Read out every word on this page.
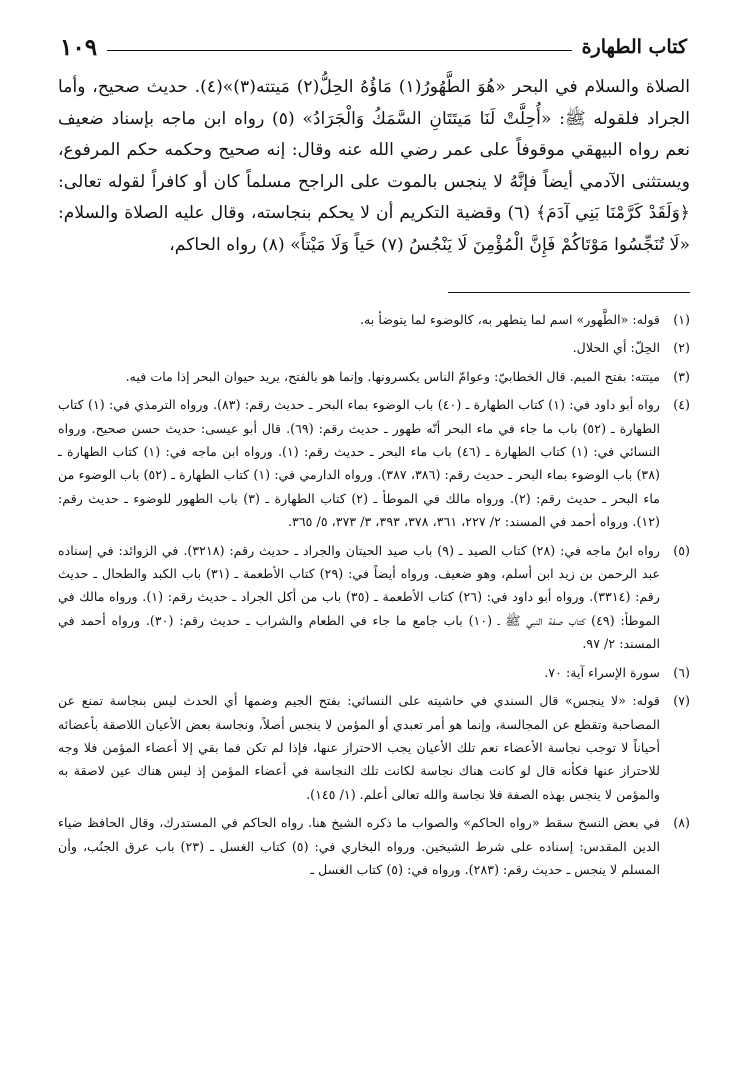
١٠٩	كتاب الطهارة

الصلاة والسلام في البحر «هُوَ الطَّهُورُ(١) مَاؤُهُ الحِلُّ(٢) مَيتته(٣)»(٤). حديث صحيح، وأما الجراد فلقوله ﷺ: «أُحِلَّتْ لَنَا مَيتَتَانِ السَّمَكُ وَالْجَرَادُ» (٥) رواه ابن ماجه بإسناد ضعيف نعم رواه البيهقي موقوفاً على عمر رضي الله عنه وقال: إنه صحيح وحكمه حكم المرفوع، ويستثنى الآدمي أيضاً فإنَّهُ لا ينجس بالموت على الراجح مسلماً كان أو كافراً لقوله تعالى: ﴿وَلَقَدْ كَرَّمْنَا بَنِي آدَمَ﴾ (٦) وقضية التكريم أن لا يحكم بنجاسته، وقال عليه الصلاة والسلام: «لَا تُنَجِّسُوا مَوْتَاكُمْ فَإِنَّ الْمُؤْمِنَ لَا يَنْجُسُ (٧) حَياً وَلَا مَيْتاً» (٨) رواه الحاكم،

(١)
قوله: «الطَّهور» اسم لما يتطهر به، كالوضوء لما يتوضأ به.
(٢)
الحِلّ: أي الحلال.
(٣)
ميتته: بفتح الميم. قال الخطابيّ: وعوامّ الناس يكسرونها. وإنما هو بالفتح، يريد حيوان البحر إذا مات فيه.
(٤)
رواه أبو داود في: (١) كتاب الطهارة ـ (٤٠) باب الوضوء بماء البحر ـ حديث رقم: (٨٣). ورواه الترمذي في: (١) كتاب الطهارة ـ (٥٢) باب ما جاء في ماء البحر أنّه طهور ـ حديث رقم: (٦٩). قال أبو عيسى: حديث حسن صحيح. ورواه النسائي في: (١) كتاب الطهارة ـ (٤٦) باب ماء البحر ـ حديث رقم: (١). ورواه ابن ماجه في: (١) كتاب الطهارة ـ (٣٨) باب الوضوء بماء البحر ـ حديث رقم: (٣٨٦، ٣٨٧). ورواه الدارمي في: (١) كتاب الطهارة ـ (٥٢) باب الوضوء من ماء البحر ـ حديث رقم: (٢). ورواه مالك في الموطأ ـ (٢) كتاب الطهارة ـ (٣) باب الطهور للوضوء ـ حديث رقم: (١٢). ورواه أحمد في المسند: ٢/ ٢٢٧، ٣٦١، ٣٧٨، ٣٩٣، ٣/ ٣٧٣، ٥/ ٣٦٥.
(٥)
رواه ابنُ ماجه في: (٢٨) كتاب الصيد ـ (٩) باب صيد الحيتان والجراد ـ حديث رقم: (٣٢١٨). في الزوائد: في إسناده عبد الرحمن بن زيد ابن أسلم، وهو ضعيف. ورواه أيضاً في: (٢٩) كتاب الأطعمة ـ (٣١) باب الكبد والطحال ـ حديث رقم: (٣٣١٤). ورواه أبو داود في: (٢٦) كتاب الأطعمة ـ (٣٥) باب من أكل الجراد ـ حديث رقم: (١). ورواه مالك في الموطأ: (٤٩) كتاب صفة النبي ﷺ ـ (١٠) باب جامع ما جاء في الطعام والشراب ـ حديث رقم: (٣٠). ورواه أحمد في المسند: ٢/ ٩٧.
(٦)
سورة الإسراء آية: ٧٠.
(٧)
قوله: «لا ينجس» قال السندي في حاشيته على النسائي: بفتح الجيم وضمها أي الحدث ليس بنجاسة تمنع عن المصاحبة وتقطع عن المجالسة، وإنما هو أمر تعبدي أو المؤمن لا ينجس أصلاً، ونجاسة بعض الأعيان اللاصقة بأعضائه أحياناً لا توجب نجاسة الأعضاء نعم تلك الأعيان يجب الاحتراز عنها، فإذا لم تكن فما بقي إلا أعضاء المؤمن فلا وجه للاحتراز عنها فكأنه قال لو كانت هناك نجاسة لكانت تلك النجاسة في أعضاء المؤمن إذ ليس هناك عين لاصقة به والمؤمن لا ينجس بهذه الصفة فلا نجاسة والله تعالى أعلم. (١/ ١٤٥).
(٨)
في بعض النسخ سقط «رواه الحاكم» والصواب ما ذكره الشيخ هنا. رواه الحاكم في المستدرك، وقال الحافظ ضياء الدين المقدس: إسناده على شرط الشيخين. ورواه البخاري في: (٥) كتاب الغسل ـ (٢٣) باب عرق الجنُب، وأن المسلم لا ينجس ـ حديث رقم: (٢٨٣). ورواه في: (٥) كتاب الغسل ـ
